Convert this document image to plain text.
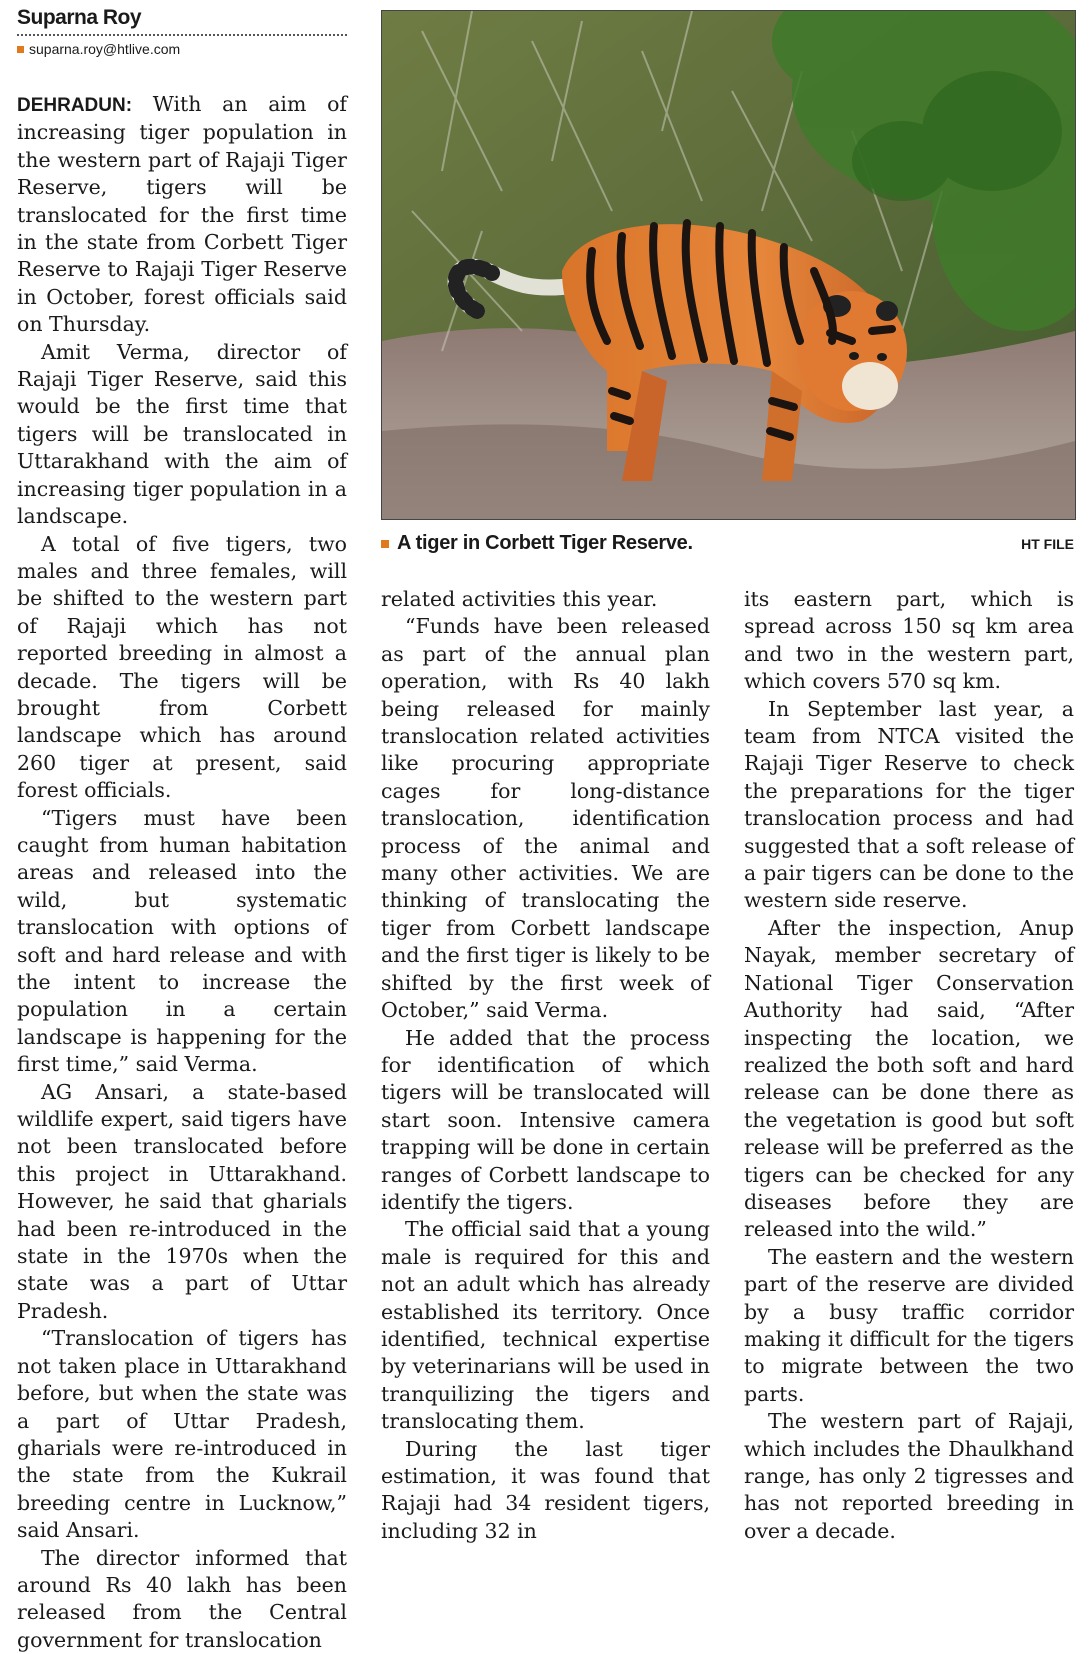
Suparna Roy
suparna.roy@htlive.com

DEHRADUN: With an aim of increasing tiger population in the western part of Rajaji Tiger Reserve, tigers will be translocated for the first time in the state from Corbett Tiger Reserve to Rajaji Tiger Reserve in October, forest officials said on Thursday.

Amit Verma, director of Rajaji Tiger Reserve, said this would be the first time that tigers will be translocated in Uttarakhand with the aim of increasing tiger population in a landscape.

A total of five tigers, two males and three females, will be shifted to the western part of Rajaji which has not reported breeding in almost a decade. The tigers will be brought from Corbett landscape which has around 260 tiger at present, said forest officials.

“Tigers must have been caught from human habitation areas and released into the wild, but systematic translocation with options of soft and hard release and with the intent to increase the population in a certain landscape is happening for the first time,” said Verma.

AG Ansari, a state-based wildlife expert, said tigers have not been translocated before this project in Uttarakhand. However, he said that gharials had been re-introduced in the state in the 1970s when the state was a part of Uttar Pradesh.

“Translocation of tigers has not taken place in Uttarakhand before, but when the state was a part of Uttar Pradesh, gharials were re-introduced in the state from the Kukrail breeding centre in Lucknow,” said Ansari.

The director informed that around Rs 40 lakh has been released from the Central government for translocation

A tiger in Corbett Tiger Reserve.	HT FILE

related activities this year.

“Funds have been released as part of the annual plan operation, with Rs 40 lakh being released for mainly translocation related activities like procuring appropriate cages for long-distance translocation, identification process of the animal and many other activities. We are thinking of translocating the tiger from Corbett landscape and the first tiger is likely to be shifted by the first week of October,” said Verma.

He added that the process for identification of which tigers will be translocated will start soon. Intensive camera trapping will be done in certain ranges of Corbett landscape to identify the tigers.

The official said that a young male is required for this and not an adult which has already established its territory. Once identified, technical expertise by veterinarians will be used in tranquilizing the tigers and translocating them.

During the last tiger estimation, it was found that Rajaji had 34 resident tigers, including 32 in

its eastern part, which is spread across 150 sq km area and two in the western part, which covers 570 sq km.

In September last year, a team from NTCA visited the Rajaji Tiger Reserve to check the preparations for the tiger translocation process and had suggested that a soft release of a pair tigers can be done to the western side reserve.

After the inspection, Anup Nayak, member secretary of National Tiger Conservation Authority had said, “After inspecting the location, we realized the both soft and hard release can be done there as the vegetation is good but soft release will be preferred as the tigers can be checked for any diseases before they are released into the wild.”

The eastern and the western part of the reserve are divided by a busy traffic corridor making it difficult for the tigers to migrate between the two parts.

The western part of Rajaji, which includes the Dhaulkhand range, has only 2 tigresses and has not reported breeding in over a decade.
